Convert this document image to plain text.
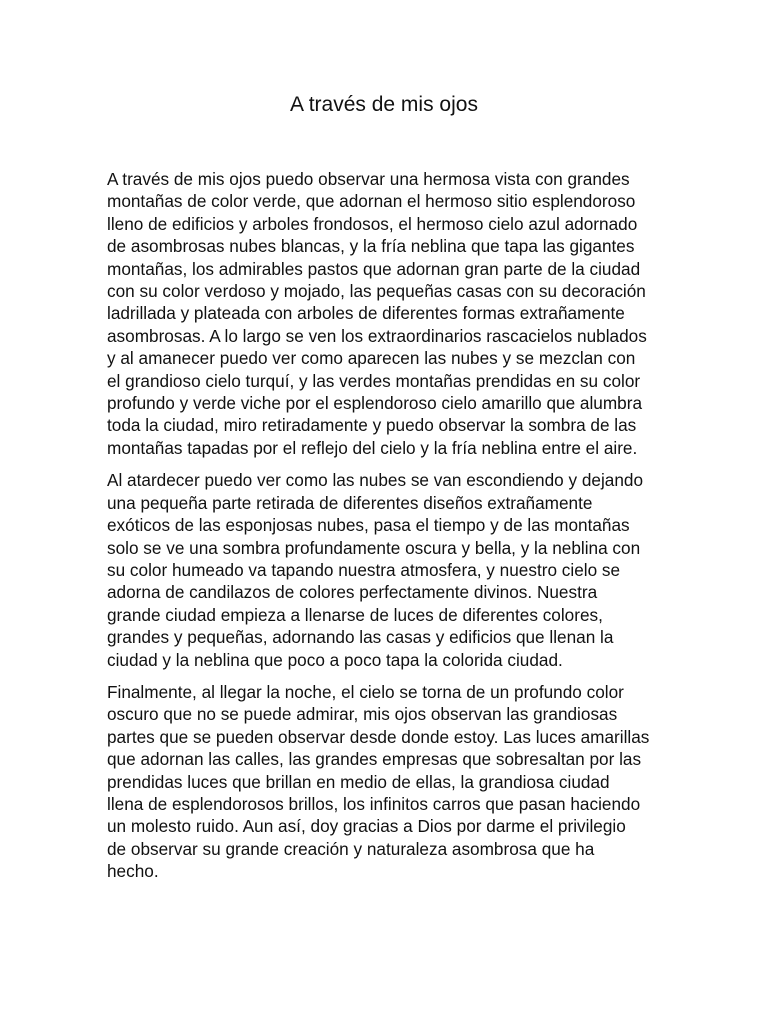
A través de mis ojos

A través de mis ojos puedo observar una hermosa vista con grandes
montañas de color verde, que adornan el hermoso sitio esplendoroso
lleno de edificios y arboles frondosos, el hermoso cielo azul adornado
de asombrosas nubes blancas, y la fría neblina que tapa las gigantes
montañas, los admirables pastos que adornan gran parte de la ciudad
con su color verdoso y mojado, las pequeñas casas con su decoración
ladrillada y plateada con arboles de diferentes formas extrañamente
asombrosas. A lo largo se ven los extraordinarios rascacielos nublados
y al amanecer puedo ver como aparecen las nubes y se mezclan con
el grandioso cielo turquí, y las verdes montañas prendidas en su color
profundo y verde viche por el esplendoroso cielo amarillo que alumbra
toda la ciudad, miro retiradamente y puedo observar la sombra de las
montañas tapadas por el reflejo del cielo y la fría neblina entre el aire.

Al atardecer puedo ver como las nubes se van escondiendo y dejando
una pequeña parte retirada de diferentes diseños extrañamente
exóticos de las esponjosas nubes, pasa el tiempo y de las montañas
solo se ve una sombra profundamente oscura y bella, y la neblina con
su color humeado va tapando nuestra atmosfera, y nuestro cielo se
adorna de candilazos de colores perfectamente divinos. Nuestra
grande ciudad empieza a llenarse de luces de diferentes colores,
grandes y pequeñas, adornando las casas y edificios que llenan la
ciudad y la neblina que poco a poco tapa la colorida ciudad.

Finalmente, al llegar la noche, el cielo se torna de un profundo color
oscuro que no se puede admirar, mis ojos observan las grandiosas
partes que se pueden observar desde donde estoy. Las luces amarillas
que adornan las calles, las grandes empresas que sobresaltan por las
prendidas luces que brillan en medio de ellas, la grandiosa ciudad
llena de esplendorosos brillos, los infinitos carros que pasan haciendo
un molesto ruido. Aun así, doy gracias a Dios por darme el privilegio
de observar su grande creación y naturaleza asombrosa que ha
hecho.
